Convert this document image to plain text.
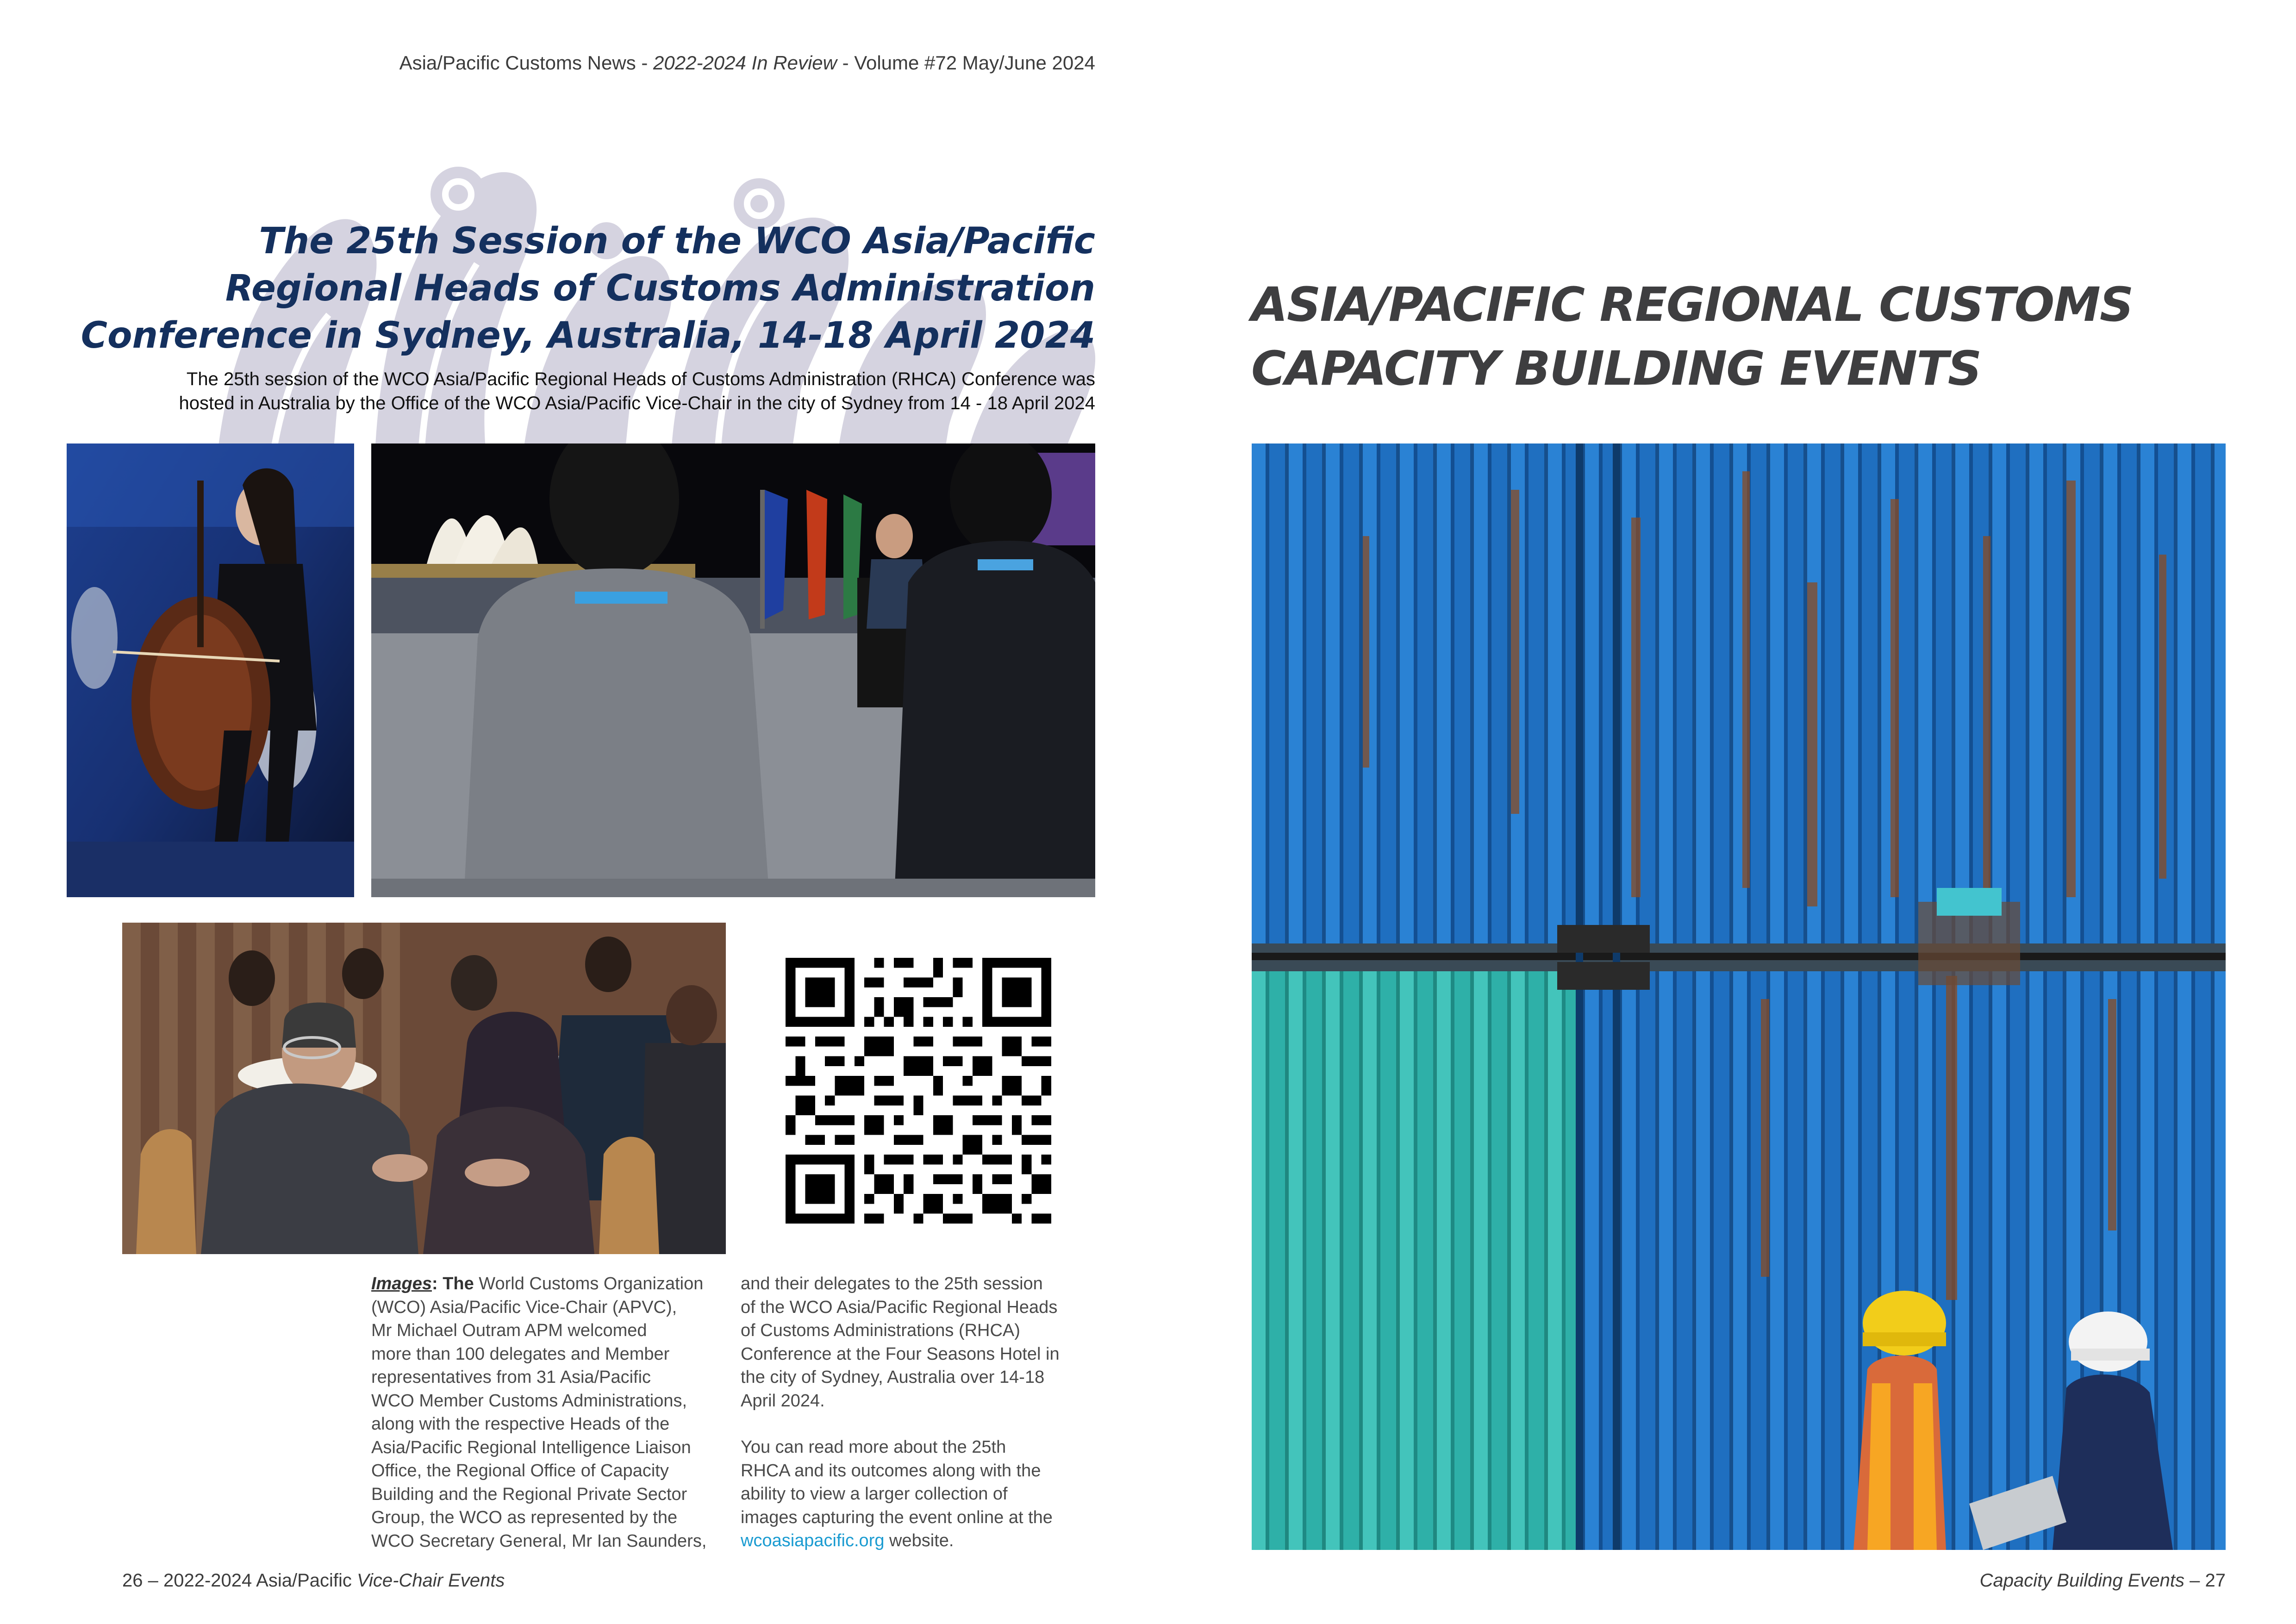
Asia/Pacific Customs News - 2022-2024 In Review - Volume #72 May/June 2024
The 25th Session of the WCO Asia/Pacific
Regional Heads of Customs Administration
Conference in Sydney, Australia, 14-18 April 2024
The 25th session of the WCO Asia/Pacific Regional Heads of Customs Administration (RHCA) Conference was
hosted in Australia by the Office of the WCO Asia/Pacific Vice-Chair in the city of Sydney from 14 - 18 April 2024
Images: The World Customs Organization
(WCO) Asia/Pacific Vice-Chair (APVC),
Mr Michael Outram APM welcomed
more than 100 delegates and Member
representatives from 31 Asia/Pacific
WCO Member Customs Administrations,
along with the respective Heads of the
Asia/Pacific Regional Intelligence Liaison
Office, the Regional Office of Capacity
Building and the Regional Private Sector
Group, the WCO as represented by the
WCO Secretary General, Mr Ian Saunders,
and their delegates to the 25th session
of the WCO Asia/Pacific Regional Heads
of Customs Administrations (RHCA)
Conference at the Four Seasons Hotel in
the city of Sydney, Australia over 14-18
April 2024.
You can read more about the 25th
RHCA and its outcomes along with the
ability to view a larger collection of
images capturing the event online at the
wcoasiapacific.org website.
26 – 2022-2024 Asia/Pacific Vice-Chair Events
ASIA/PACIFIC REGIONAL CUSTOMS
CAPACITY BUILDING EVENTS
Capacity Building Events – 27
